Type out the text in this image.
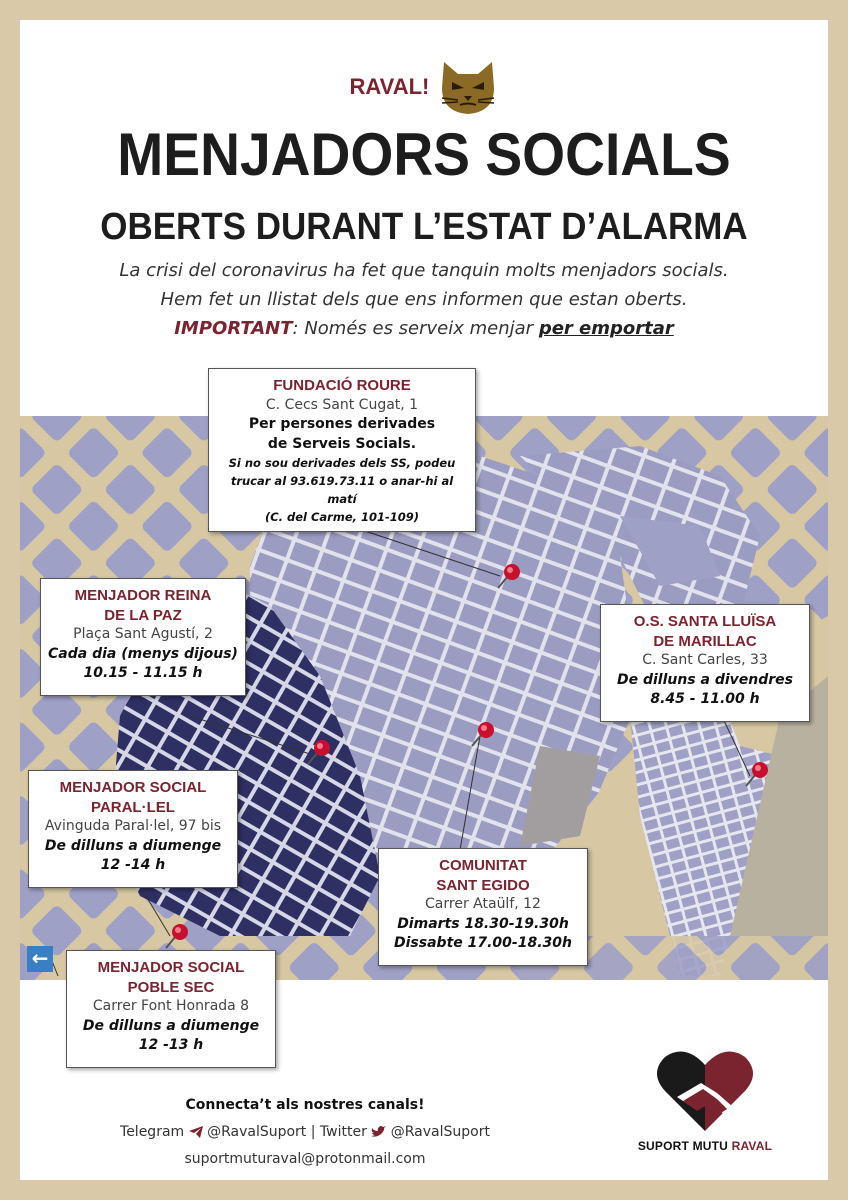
RAVAL!
MENJADORS SOCIALS
OBERTS DURANT L’ESTAT D’ALARMA
La crisi del coronavirus ha fet que tanquin molts menjadors socials.
Hem fet un llistat dels que ens informen que estan oberts.
IMPORTANT: Només es serveix menjar per emportar
FUNDACIÓ ROURE
C. Cecs Sant Cugat, 1
Per persones derivades
de Serveis Socials.
Si no sou derivades dels SS, podeu
trucar al 93.619.73.11 o anar-hi al matí
(C. del Carme, 101-109)
MENJADOR REINA
DE LA PAZ
Plaça Sant Agustí, 2
Cada dia (menys dijous)
10.15 - 11.15 h
O.S. SANTA LLUÏSA
DE MARILLAC
C. Sant Carles, 33
De dilluns a divendres
8.45 - 11.00 h
MENJADOR SOCIAL
PARAL·LEL
Avinguda Paral·lel, 97 bis
De dilluns a diumenge
12 -14 h	COMUNITAT
SANT EGIDO
Carrer Ataülf, 12
Dimarts 18.30-19.30h
Dissabte 17.00-18.30h
MENJADOR SOCIAL
POBLE SEC
Carrer Font Honrada 8
De dilluns a diumenge
12 -13 h
←
Connecta’t als nostres canals!
Telegram @RavalSuport | Twitter @RavalSuport
suportmuturaval@protonmail.com
SUPORT MUTU RAVAL
